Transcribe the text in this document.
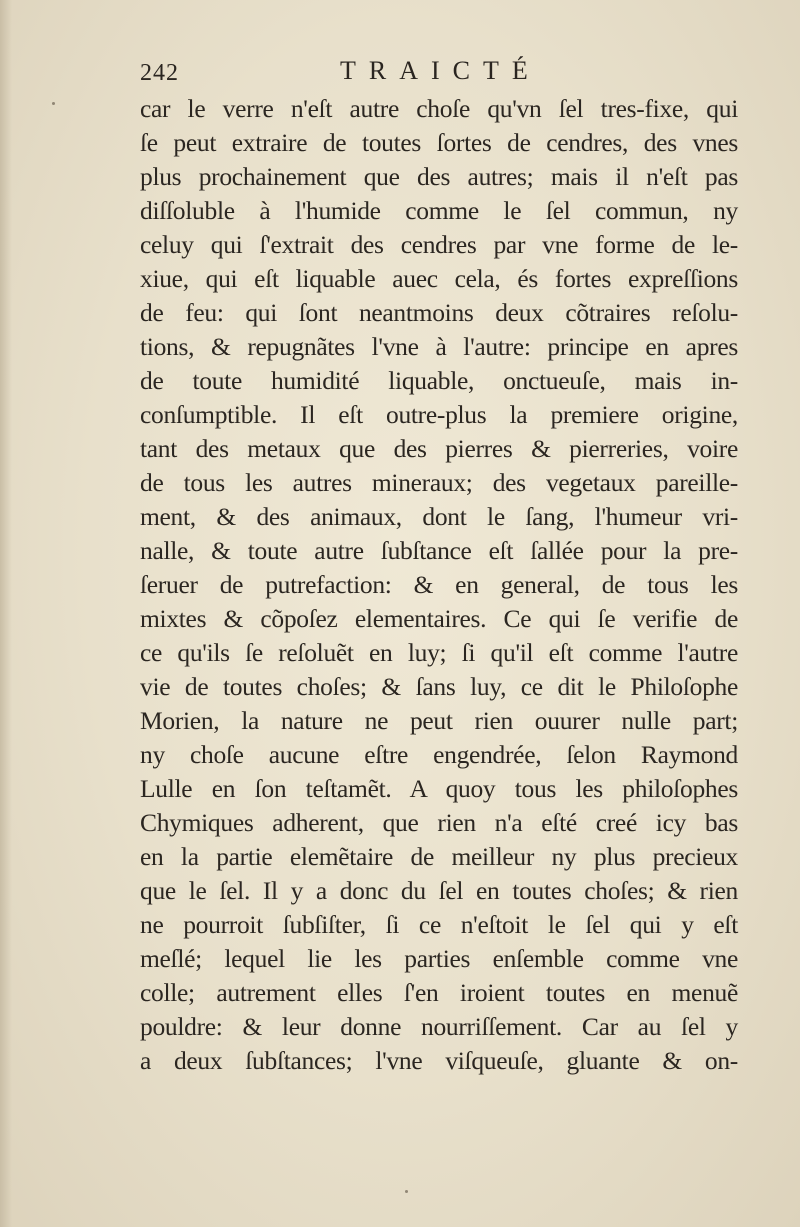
242	TRAICTÉ
car le verre n'eſt autre choſe qu'vn ſel tres-fixe, qui
ſe peut extraire de toutes ſortes de cendres, des vnes
plus prochainement que des autres; mais il n'eſt pas
diſſoluble à l'humide comme le ſel commun, ny
celuy qui ſ'extrait des cendres par vne forme de le-
xiue, qui eſt liquable auec cela, és fortes expreſſions
de feu: qui ſont neantmoins deux cõtraires reſolu-
tions, & repugnãtes l'vne à l'autre: principe en apres
de toute humidité liquable, onctueuſe, mais in-
conſumptible. Il eſt outre-plus la premiere origine,
tant des metaux que des pierres & pierreries, voire
de tous les autres mineraux; des vegetaux pareille-
ment, & des animaux, dont le ſang, l'humeur vri-
nalle, & toute autre ſubſtance eſt ſallée pour la pre-
ſeruer de putrefaction: & en general, de tous les
mixtes & cõpoſez elementaires. Ce qui ſe verifie de
ce qu'ils ſe reſoluẽt en luy; ſi qu'il eſt comme l'autre
vie de toutes choſes; & ſans luy, ce dit le Philoſophe
Morien, la nature ne peut rien ouurer nulle part;
ny choſe aucune eſtre engendrée, ſelon Raymond
Lulle en ſon teſtamẽt. A quoy tous les philoſophes
Chymiques adherent, que rien n'a eſté creé icy bas
en la partie elemẽtaire de meilleur ny plus precieux
que le ſel. Il y a donc du ſel en toutes choſes; & rien
ne pourroit ſubſiſter, ſi ce n'eſtoit le ſel qui y eſt
meſlé; lequel lie les parties enſemble comme vne
colle; autrement elles ſ'en iroient toutes en menuẽ
pouldre: & leur donne nourriſſement. Car au ſel y
a deux ſubſtances; l'vne viſqueuſe, gluante & on-
